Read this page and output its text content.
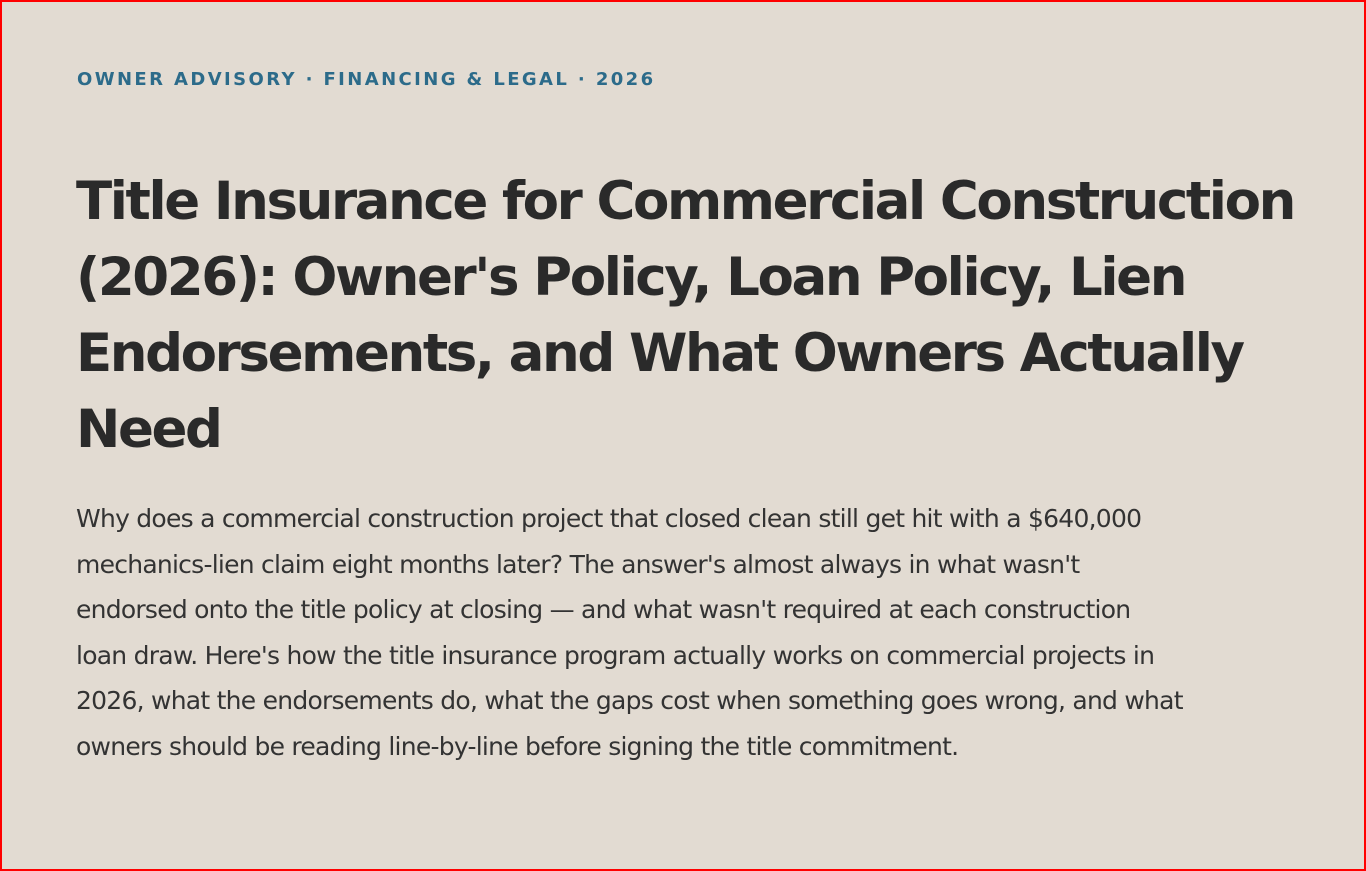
OWNER ADVISORY · FINANCING & LEGAL · 2026

Title Insurance for Commercial Construction (2026): Owner's Policy, Loan Policy, Lien Endorsements, and What Owners Actually Need

Why does a commercial construction project that closed clean still get hit with a $640,000 mechanics-lien claim eight months later? The answer's almost always in what wasn't endorsed onto the title policy at closing — and what wasn't required at each construction loan draw. Here's how the title insurance program actually works on commercial projects in 2026, what the endorsements do, what the gaps cost when something goes wrong, and what owners should be reading line-by-line before signing the title commitment.
